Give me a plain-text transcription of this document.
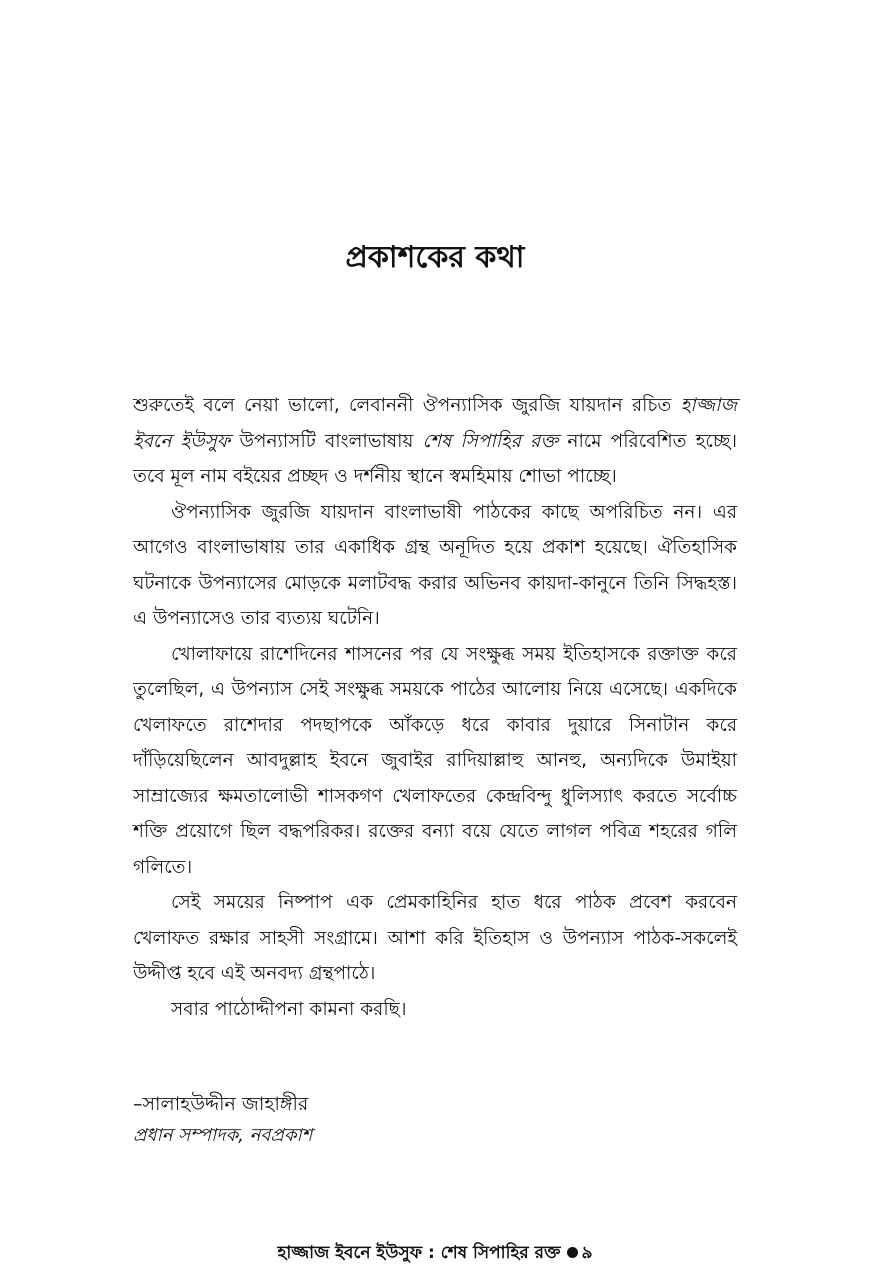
প্রকাশকের কথা

শুরুতেই বলে নেয়া ভালো, লেবাননী ঔপন্যাসিক জুরজি যায়দান রচিত হাজ্জাজ ইবনে ইউসুফ উপন্যাসটি বাংলাভাষায় শেষ সিপাহির রক্ত নামে পরিবেশিত হচ্ছে। তবে মূল নাম বইয়ের প্রচ্ছদ ও দর্শনীয় স্থানে স্বমহিমায় শোভা পাচ্ছে।

ঔপন্যাসিক জুরজি যায়দান বাংলাভাষী পাঠকের কাছে অপরিচিত নন। এর আগেও বাংলাভাষায় তার একাধিক গ্রন্থ অনূদিত হয়ে প্রকাশ হয়েছে। ঐতিহাসিক ঘটনাকে উপন্যাসের মোড়কে মলাটবদ্ধ করার অভিনব কায়দা-কানুনে তিনি সিদ্ধহস্ত। এ উপন্যাসেও তার ব্যত্যয় ঘটেনি।

খোলাফায়ে রাশেদিনের শাসনের পর যে সংক্ষুব্ধ সময় ইতিহাসকে রক্তাক্ত করে তুলেছিল, এ উপন্যাস সেই সংক্ষুব্ধ সময়কে পাঠের আলোয় নিয়ে এসেছে। একদিকে খেলাফতে রাশেদার পদছাপকে আঁকড়ে ধরে কাবার দুয়ারে সিনাটান করে দাঁড়িয়েছিলেন আবদুল্লাহ ইবনে জুবাইর রাদিয়াল্লাহু আনহু, অন্যদিকে উমাইয়া সাম্রাজ্যের ক্ষমতালোভী শাসকগণ খেলাফতের কেন্দ্রবিন্দু ধুলিস্যাৎ করতে সর্বোচ্চ শক্তি প্রয়োগে ছিল বদ্ধপরিকর। রক্তের বন্যা বয়ে যেতে লাগল পবিত্র শহরের গলি গলিতে।

সেই সময়ের নিষ্পাপ এক প্রেমকাহিনির হাত ধরে পাঠক প্রবেশ করবেন খেলাফত রক্ষার সাহসী সংগ্রামে। আশা করি ইতিহাস ও উপন্যাস পাঠক-সকলেই উদ্দীপ্ত হবে এই অনবদ্য গ্রন্থপাঠে।

সবার পাঠোদ্দীপনা কামনা করছি।

–সালাহউদ্দীন জাহাঙ্গীর
প্রধান সম্পাদক, নবপ্রকাশ
হাজ্জাজ ইবনে ইউসুফ : শেষ সিপাহির রক্ত ৯
